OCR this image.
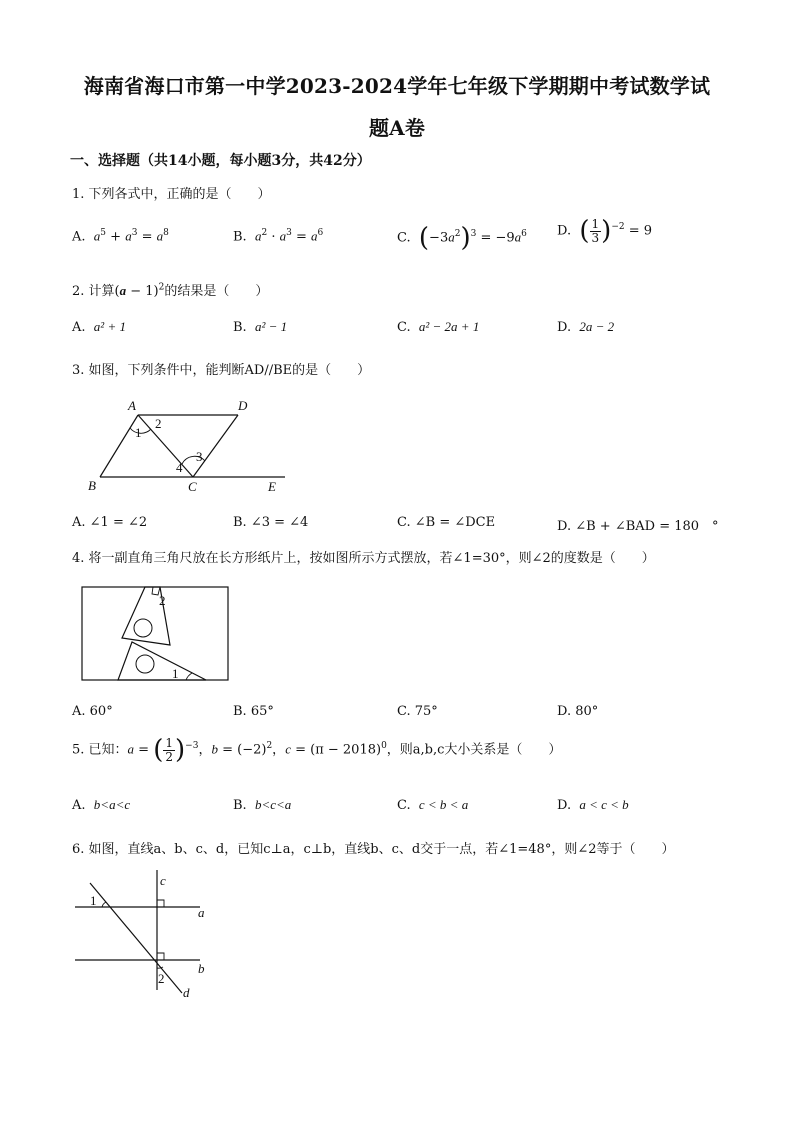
海南省海口市第一中学2023-2024学年七年级下学期期中考试数学试
题A卷
一、选择题（共14小题，每小题3分，共42分）
1. 下列各式中，正确的是（　　）
A. $a^5 + a^3 = a^8$	B. $a^2 \cdot a^3 = a^6$	C. $(-3a^2)^3 = -9a^6$ D. ( $\frac{1}{3} )^{-2} = 9$
2. 计算$(a - 1)^2$的结果是（　　）
A. a² + 1	B. a² − 1	C. a² − 2a + 1	D. 2a − 2
3. 如图，下列条件中，能判断AD//BE的是（　　）
A	D
1
2
3
4
B	C	E
A. ∠1 = ∠2	B. ∠3 = ∠4	C. ∠B = ∠DCE	D. ∠B + ∠BAD = 180　°
4. 将一副直角三角尺放在长方形纸片上，按如图所示方式摆放，若∠1=30°，则∠2的度数是（　　）
2
1
A. 60°	B. 65°	C. 75°	D. 80°
5. 已知：a = ( $\frac{1}{2} )^{-3}$，$b = (-2)^2$，$c = (\pi - 2018)^0$，则a,b,c大小关系是（　　）
A. b<a<c	B. b<c<a	C. c < b < a	D. a < c < b
6. 如图，直线a、b、c、d，已知c⊥a，c⊥b，直线b、c、d交于一点，若∠1=48°，则∠2等于（　　）
c
1
a
b
2
d
